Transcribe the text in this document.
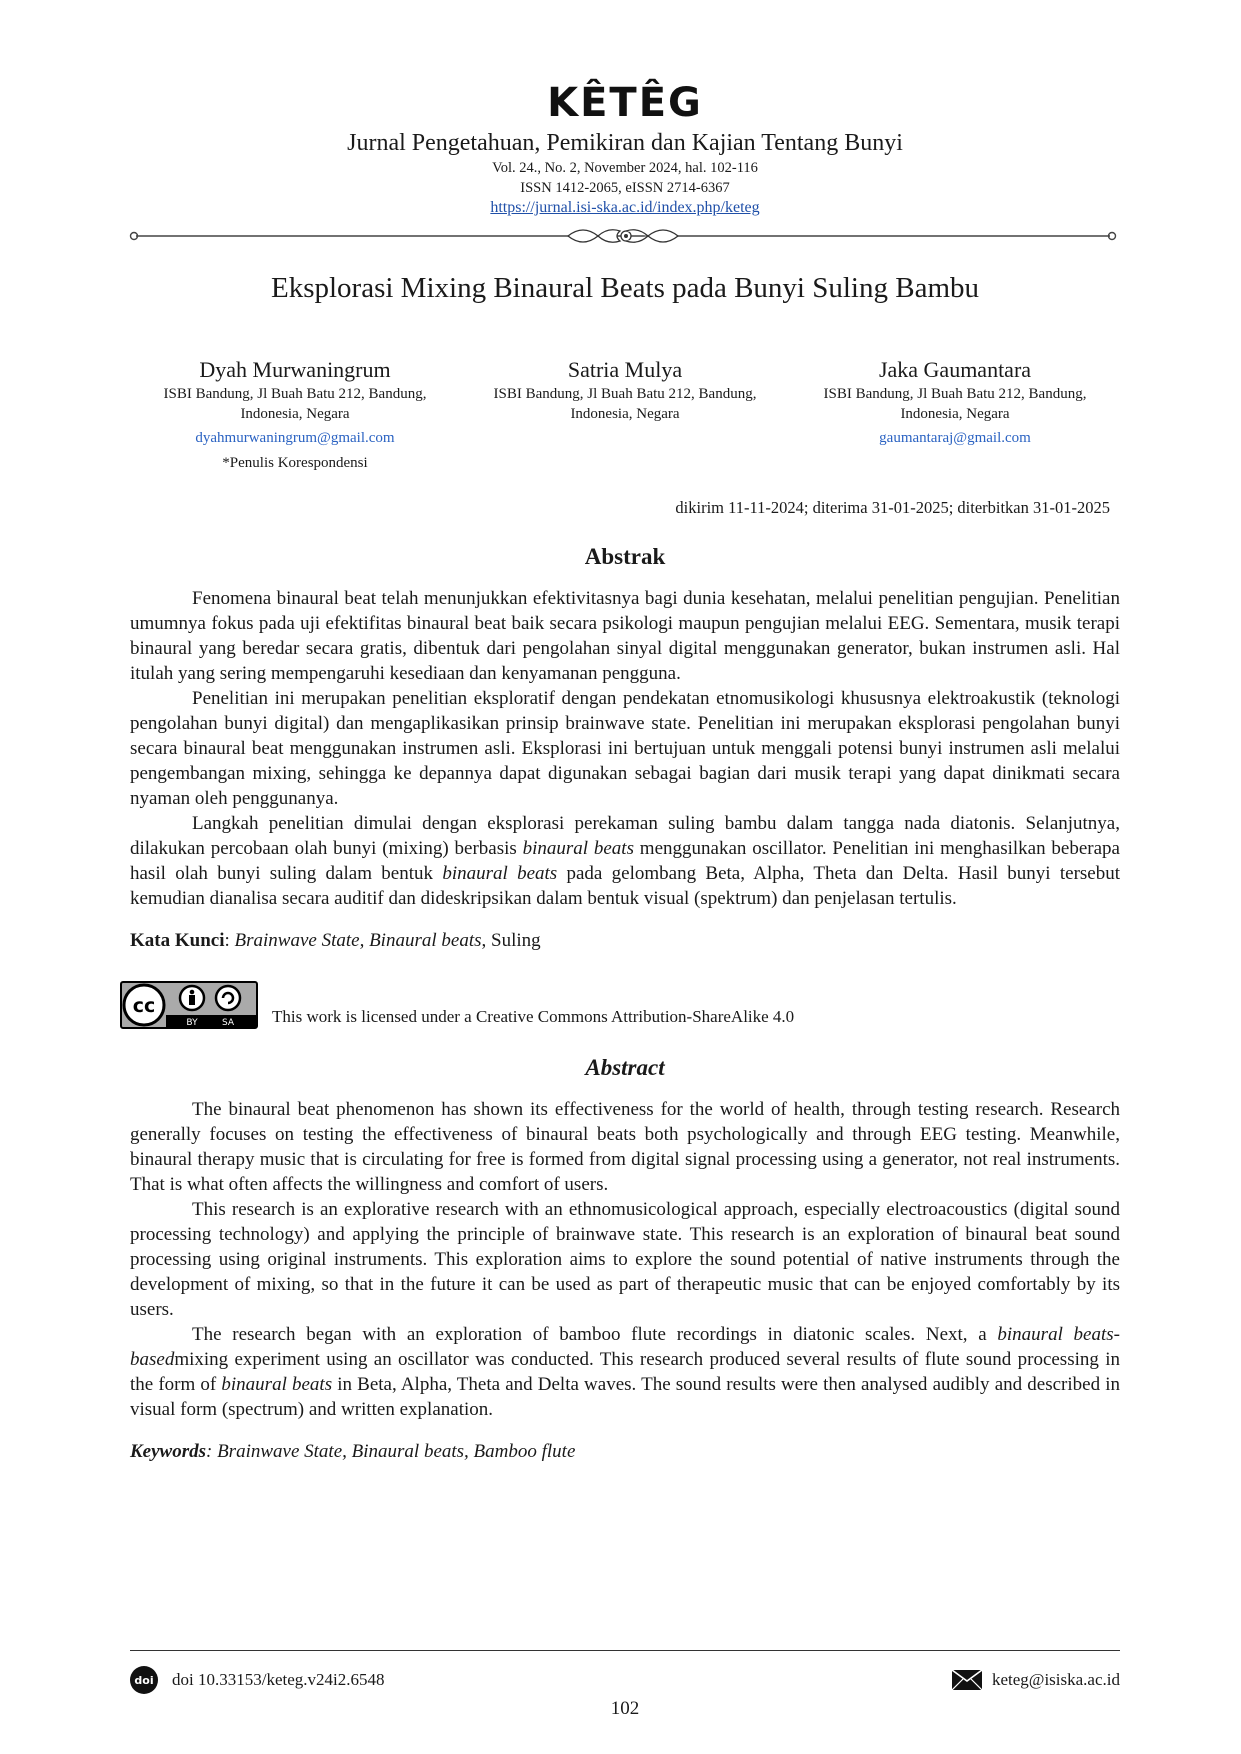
KÊTÊG
Jurnal Pengetahuan, Pemikiran dan Kajian Tentang Bunyi
Vol. 24., No. 2, November 2024, hal. 102-116
ISSN 1412-2065, eISSN 2714-6367
https://jurnal.isi-ska.ac.id/index.php/keteg
Eksplorasi Mixing Binaural Beats pada Bunyi Suling Bambu
Dyah Murwaningrum
ISBI Bandung, Jl Buah Batu 212, Bandung,
Indonesia, Negara
dyahmurwaningrum@gmail.com
*Penulis Korespondensi
Satria Mulya
ISBI Bandung, Jl Buah Batu 212, Bandung,
Indonesia, Negara
Jaka Gaumantara
ISBI Bandung, Jl Buah Batu 212, Bandung,
Indonesia, Negara
gaumantaraj@gmail.com
dikirim 11-11-2024; diterima 31-01-2025; diterbitkan 31-01-2025
Abstrak

Fenomena binaural beat telah menunjukkan efektivitasnya bagi dunia kesehatan, melalui penelitian pengujian. Penelitian umumnya fokus pada uji efektifitas binaural beat baik secara psikologi maupun pengujian melalui EEG. Sementara, musik terapi binaural yang beredar secara gratis, dibentuk dari pengolahan sinyal digital menggunakan generator, bukan instrumen asli. Hal itulah yang sering mempengaruhi kesediaan dan kenyamanan pengguna.

Penelitian ini merupakan penelitian eksploratif dengan pendekatan etnomusikologi khususnya elektroakustik (teknologi pengolahan bunyi digital) dan mengaplikasikan prinsip brainwave state. Penelitian ini merupakan eksplorasi pengolahan bunyi secara binaural beat menggunakan instrumen asli. Eksplorasi ini bertujuan untuk menggali potensi bunyi instrumen asli melalui pengembangan mixing, sehingga ke depannya dapat digunakan sebagai bagian dari musik terapi yang dapat dinikmati secara nyaman oleh penggunanya.

Langkah penelitian dimulai dengan eksplorasi perekaman suling bambu dalam tangga nada diatonis. Selanjutnya, dilakukan percobaan olah bunyi (mixing) berbasis binaural beats menggunakan oscillator. Penelitian ini menghasilkan beberapa hasil olah bunyi suling dalam bentuk binaural beats pada gelombang Beta, Alpha, Theta dan Delta. Hasil bunyi tersebut kemudian dianalisa secara auditif dan dideskripsikan dalam bentuk visual (spektrum) dan penjelasan tertulis.

Kata Kunci: Brainwave State, Binaural beats, Suling
cc
BY	SA This work is licensed under a Creative Commons Attribution-ShareAlike 4.0
Abstract

The binaural beat phenomenon has shown its effectiveness for the world of health, through testing research. Research generally focuses on testing the effectiveness of binaural beats both psychologically and through EEG testing. Meanwhile, binaural therapy music that is circulating for free is formed from digital signal processing using a generator, not real instruments. That is what often affects the willingness and comfort of users.

This research is an explorative research with an ethnomusicological approach, especially electroacoustics (digital sound processing technology) and applying the principle of brainwave state. This research is an exploration of binaural beat sound processing using original instruments. This exploration aims to explore the sound potential of native instruments through the development of mixing, so that in the future it can be used as part of therapeutic music that can be enjoyed comfortably by its users.

The research began with an exploration of bamboo flute recordings in diatonic scales. Next, a binaural beats-basedmixing experiment using an oscillator was conducted. This research produced several results of flute sound processing in the form of binaural beats in Beta, Alpha, Theta and Delta waves. The sound results were then analysed audibly and described in visual form (spectrum) and written explanation.

Keywords: Brainwave State, Binaural beats, Bamboo flute
doi doi 10.33153/keteg.v24i2.6548	keteg@isiska.ac.id
102
